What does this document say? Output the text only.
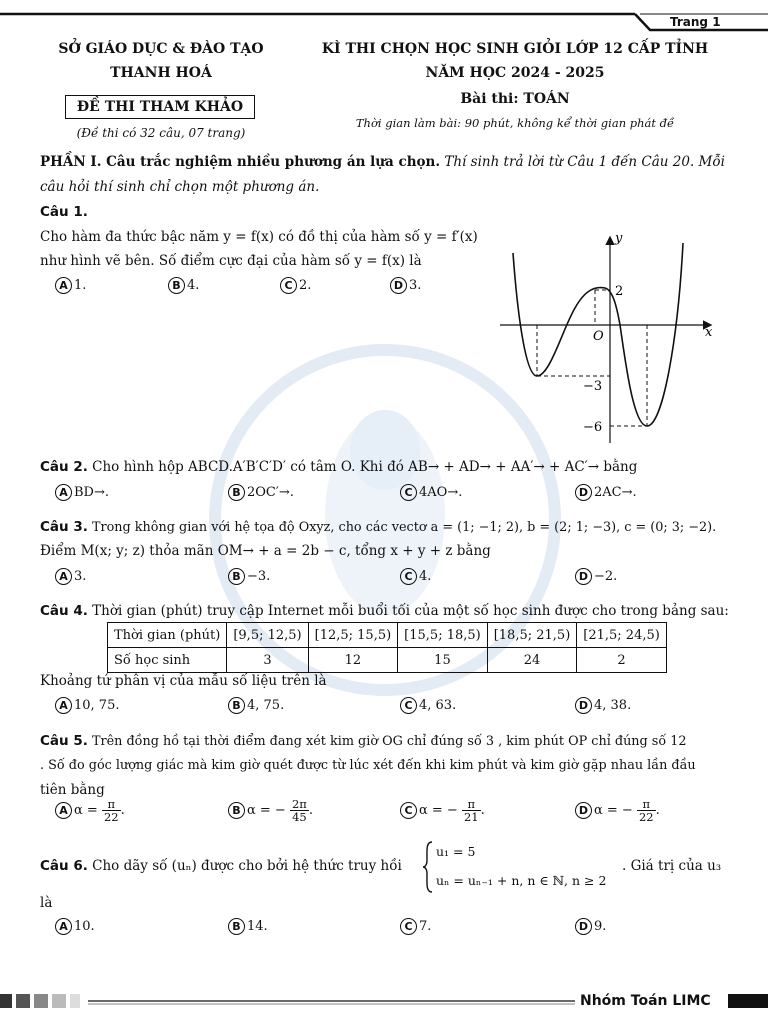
Trang 1
SỞ GIÁO DỤC & ĐÀO TẠO
THANH HOÁ
ĐỀ THI THAM KHẢO
(Đề thi có 32 câu, 07 trang)
KÌ THI CHỌN HỌC SINH GIỎI LỚP 12 CẤP TỈNH
NĂM HỌC 2024 - 2025
Bài thi: TOÁN
Thời gian làm bài: 90 phút, không kể thời gian phát đề
PHẦN I. Câu trắc nghiệm nhiều phương án lựa chọn. Thí sinh trả lời từ Câu 1 đến Câu 20. Mỗi
câu hỏi thí sinh chỉ chọn một phương án.
Câu 1.
Cho hàm đa thức bậc năm y = f(x) có đồ thị của hàm số y = f′(x)
như hình vẽ bên. Số điểm cực đại của hàm số y = f(x) là
A 1.	B 4.	C 2.	D 3.
y
x
O
2
−3
−6
Câu 2. Cho hình hộp ABCD.A′B′C′D′ có tâm O. Khi đó AB→ + AD→ + AA′→ + AC′→ bằng
A BD→.	B 2OC′→.	C 4AO→.	D 2AC→.
Câu 3. Trong không gian với hệ tọa độ Oxyz, cho các vectơ a = (1; −1; 2), b = (2; 1; −3), c = (0; 3; −2).
Điểm M(x; y; z) thỏa mãn OM→ + a = 2b − c, tổng x + y + z bằng
A 3.	B −3.	C 4.	D −2.
Câu 4. Thời gian (phút) truy cập Internet mỗi buổi tối của một số học sinh được cho trong bảng sau:
Thời gian (phút)	[9,5; 12,5)	[12,5; 15,5)	[15,5; 18,5)	[18,5; 21,5)	[21,5; 24,5)
Số học sinh	3	12	15	24	2
Khoảng tứ phân vị của mẫu số liệu trên là
A 10, 75.	B 4, 75.	C 4, 63.	D 4, 38.
Câu 5. Trên đồng hồ tại thời điểm đang xét kim giờ OG chỉ đúng số 3 , kim phút OP chỉ đúng số 12
. Số đo góc lượng giác mà kim giờ quét được từ lúc xét đến khi kim phút và kim giờ gặp nhau lần đầu
tiên bằng
A $\alpha = \frac{\pi}{22}$ .	B α = − $\frac{2\pi}{45}$ .	C α = − $\frac{\pi}{21}$ .	D α = − $\frac{\pi}{22}$ .
Câu 6. Cho dãy số (uₙ) được cho bởi hệ thức truy hồi
u₁ = 5
uₙ = uₙ₋₁ + n, n ∈ ℕ, n ≥ 2
. Giá trị của u₃
là
A 10.	B 14.	C 7.	D 9.
Nhóm Toán LIMC
